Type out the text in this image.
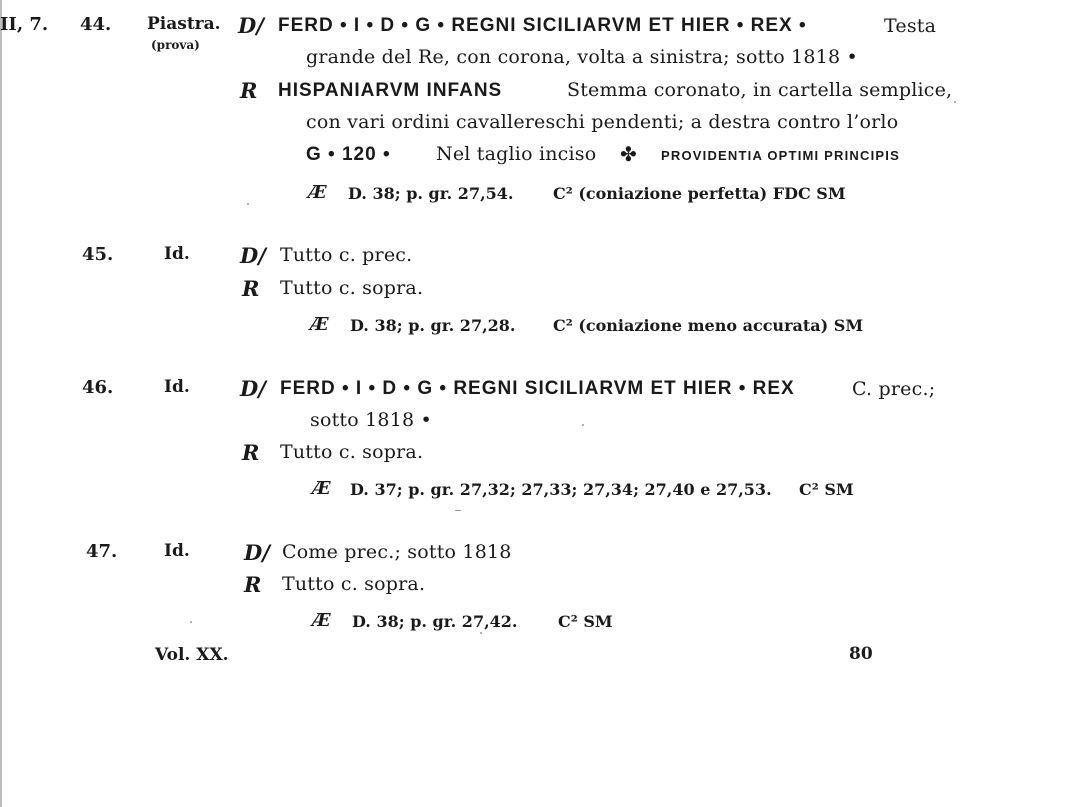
II, 7. 44. Piastra.
(prova)
D/ FERD • I • D • G • REGNI SICILIARVM ET HIER • REX •	Testa
grande del Re, con corona, volta a sinistra; sotto 1818 •
R HISPANIARVM INFANS	Stemma coronato, in cartella semplice,
con vari ordini cavallereschi pendenti; a destra contro l’orlo
G • 120 • Nel taglio inciso ✤ PROVIDENTIA OPTIMI PRINCIPIS
Æ D. 38; p. gr. 27,54. C² (coniazione perfetta) FDC SM
45.	Id. D/ Tutto c. prec.
R Tutto c. sopra.
Æ D. 38; p. gr. 27,28. C² (coniazione meno accurata) SM
46.	Id. D/ FERD • I • D • G • REGNI SICILIARVM ET HIER • REX	C. prec.;
sotto 1818 •
R Tutto c. sopra.
Æ D. 37; p. gr. 27,32; 27,33; 27,34; 27,40 e 27,53. C² SM
47.	Id.	D/ Come prec.; sotto 1818
R Tutto c. sopra.
Æ D. 38; p. gr. 27,42.	C² SM
Vol. XX.	80
